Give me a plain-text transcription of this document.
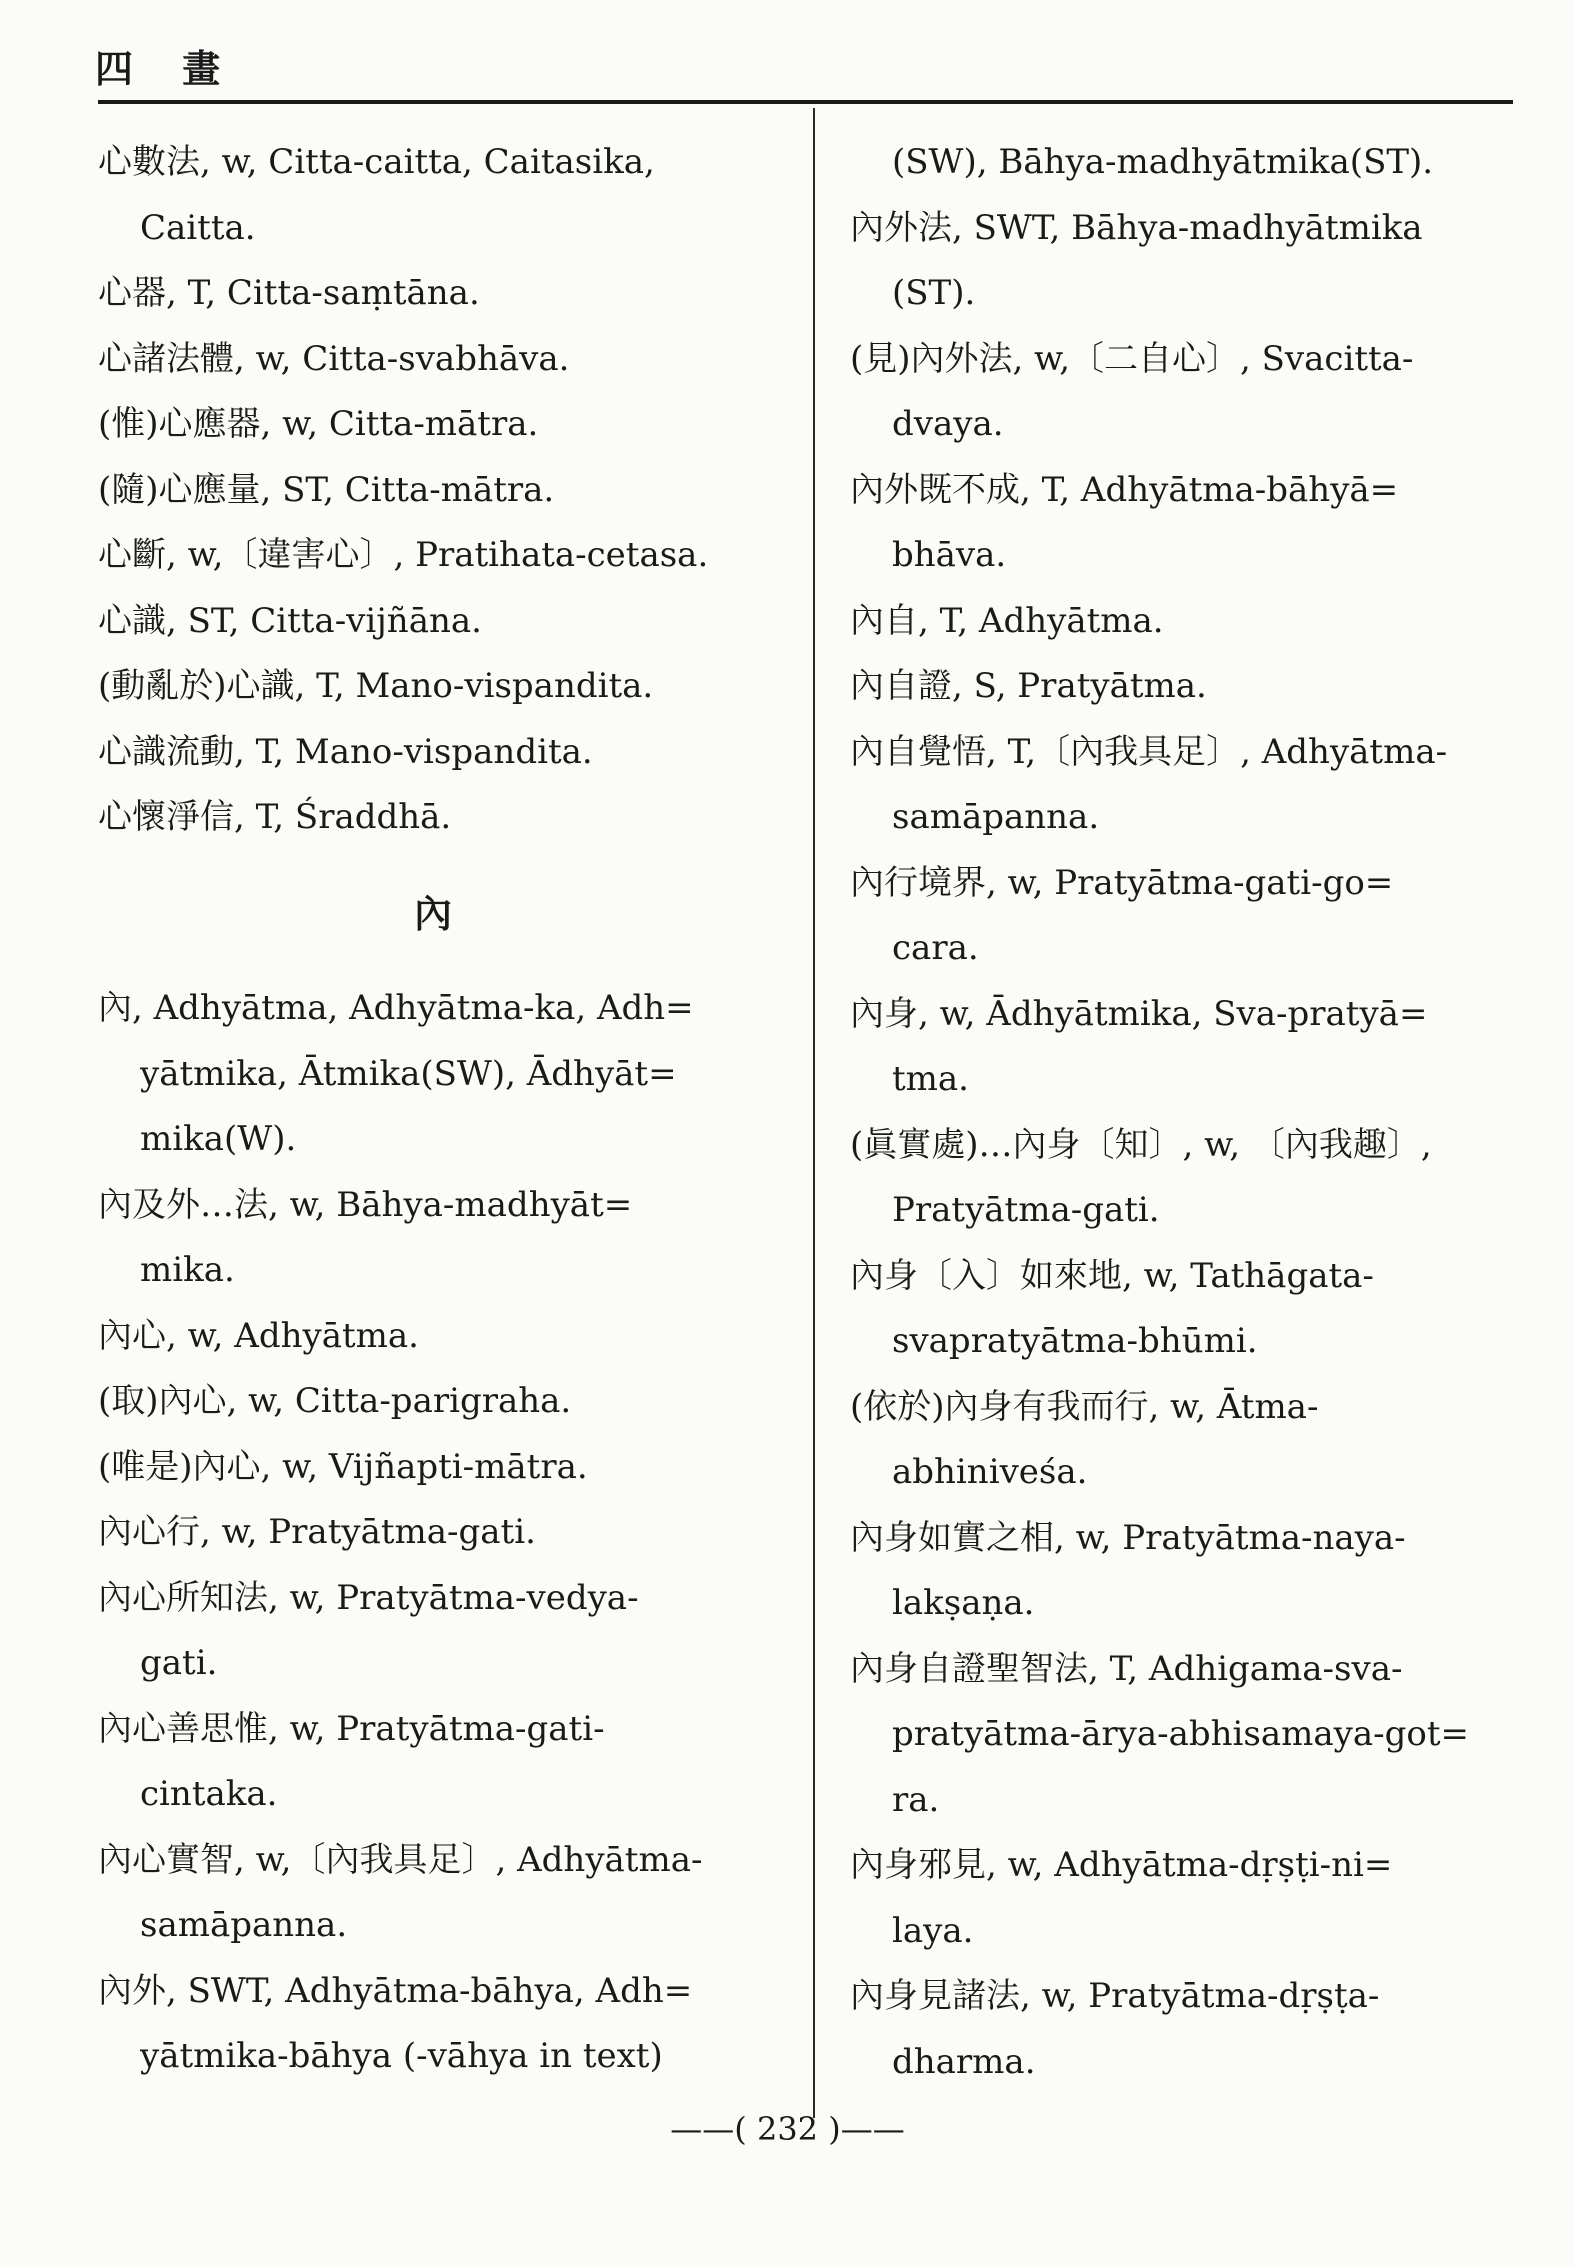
四 畫
心數法, w, Citta-caitta, Caitasika,
Caitta.
心器, T, Citta-saṃtāna.
心諸法體, w, Citta-svabhāva.
(惟)心應器, w, Citta-mātra.
(隨)心應量, ST, Citta-mātra.
心斷, w,〔違害心〕, Pratihata-cetasa.
心識, ST, Citta-vijñāna.
(動亂於)心識, T, Mano-vispandita.
心識流動, T, Mano-vispandita.
心懷淨信, T, Śraddhā.
內
內, Adhyātma, Adhyātma-ka, Adh=
yātmika, Ātmika(SW), Ādhyāt=
mika(W).
內及外…法, w, Bāhya-madhyāt=
mika.
內心, w, Adhyātma.
(取)內心, w, Citta-parigraha.
(唯是)內心, w, Vijñapti-mātra.
內心行, w, Pratyātma-gati.
內心所知法, w, Pratyātma-vedya-
gati.
內心善思惟, w, Pratyātma-gati-
cintaka.
內心實智, w,〔內我具足〕, Adhyātma-
samāpanna.
內外, SWT, Adhyātma-bāhya, Adh=
yātmika-bāhya (-vāhya in text)
(SW), Bāhya-madhyātmika(ST).
內外法, SWT, Bāhya-madhyātmika
(ST).
(見)內外法, w,〔二自心〕, Svacitta-
dvaya.
內外既不成, T, Adhyātma-bāhyā=
bhāva.
內自, T, Adhyātma.
內自證, S, Pratyātma.
內自覺悟, T,〔內我具足〕, Adhyātma-
samāpanna.
內行境界, w, Pratyātma-gati-go=
cara.
內身, w, Ādhyātmika, Sva-pratyā=
tma.
(眞實處)…內身〔知〕, w, 〔內我趣〕,
Pratyātma-gati.
內身〔入〕如來地, w, Tathāgata-
svapratyātma-bhūmi.
(依於)內身有我而行, w, Ātma-
abhiniveśa.
內身如實之相, w, Pratyātma-naya-
lakṣaṇa.
內身自證聖智法, T, Adhigama-sva-
pratyātma-ārya-abhisamaya-got=
ra.
內身邪見, w, Adhyātma-dṛṣṭi-ni=
laya.
內身見諸法, w, Pratyātma-dṛṣṭa-
dharma.
——( 232 )——
